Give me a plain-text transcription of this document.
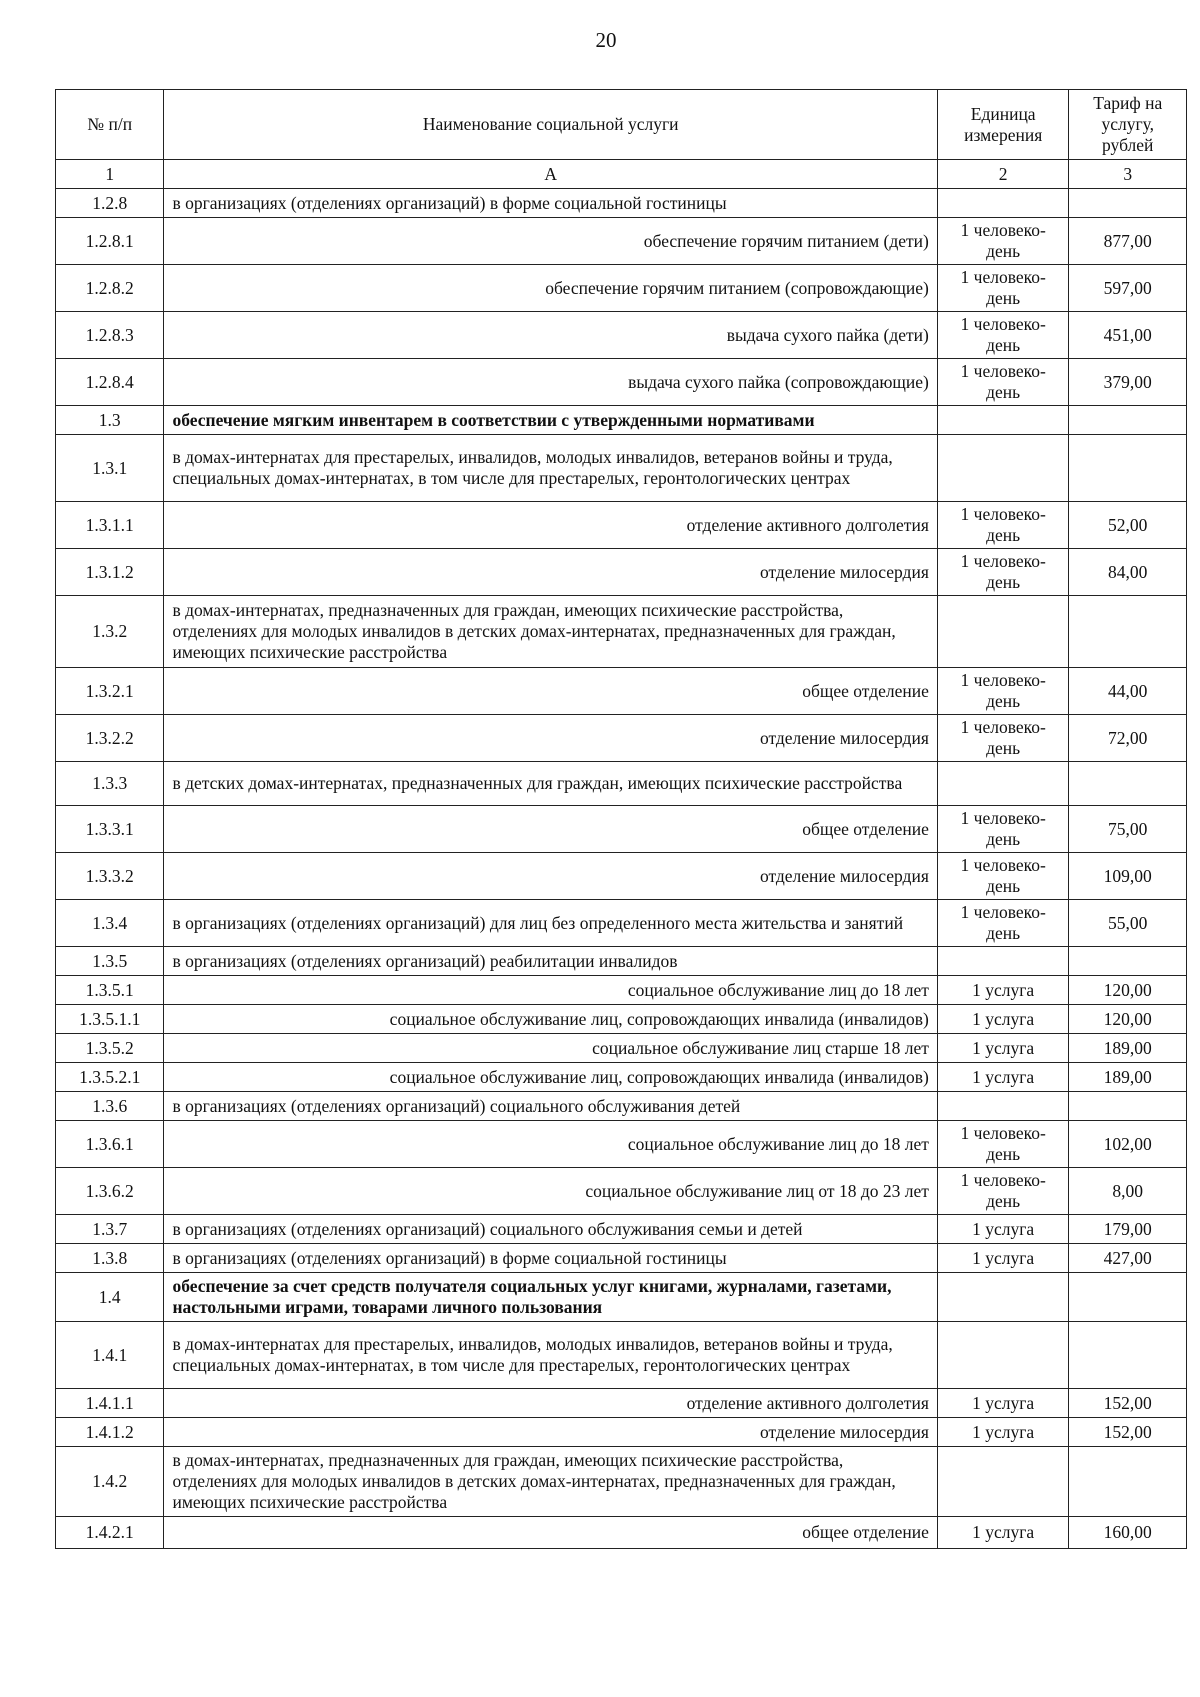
20
№ п/п	Наименование социальной услуги	Единица измерения	Тариф на услугу, рублей
1	А	2	3
1.2.8	в организациях (отделениях организаций) в форме социальной гостиницы		
1.2.8.1	обеспечение горячим питанием (дети)	1 человеко-день	877,00
1.2.8.2	обеспечение горячим питанием (сопровождающие)	1 человеко-день	597,00
1.2.8.3	выдача сухого пайка (дети)	1 человеко-день	451,00
1.2.8.4	выдача сухого пайка (сопровождающие)	1 человеко-день	379,00
1.3	обеспечение мягким инвентарем в соответствии с утвержденными нормативами		
1.3.1	в домах-интернатах для престарелых, инвалидов, молодых инвалидов, ветеранов войны и труда, специальных домах-интернатах, в том числе для престарелых, геронтологических центрах		
1.3.1.1	отделение активного долголетия	1 человеко-день	52,00
1.3.1.2	отделение милосердия	1 человеко-день	84,00
1.3.2	в домах-интернатах, предназначенных для граждан, имеющих психические расстройства, отделениях для молодых инвалидов в детских домах-интернатах, предназначенных для граждан, имеющих психические расстройства		
1.3.2.1	общее отделение	1 человеко-день	44,00
1.3.2.2	отделение милосердия	1 человеко-день	72,00
1.3.3	в детских домах-интернатах, предназначенных для граждан, имеющих психические расстройства		
1.3.3.1	общее отделение	1 человеко-день	75,00
1.3.3.2	отделение милосердия	1 человеко-день	109,00
1.3.4	в организациях (отделениях организаций) для лиц без определенного места жительства и занятий	1 человеко-день	55,00
1.3.5	в организациях (отделениях организаций) реабилитации инвалидов		
1.3.5.1	социальное обслуживание лиц до 18 лет	1 услуга	120,00
1.3.5.1.1	социальное обслуживание лиц, сопровождающих инвалида (инвалидов)	1 услуга	120,00
1.3.5.2	социальное обслуживание лиц старше 18 лет	1 услуга	189,00
1.3.5.2.1	социальное обслуживание лиц, сопровождающих инвалида (инвалидов)	1 услуга	189,00
1.3.6	в организациях (отделениях организаций) социального обслуживания детей		
1.3.6.1	социальное обслуживание лиц до 18 лет	1 человеко-день	102,00
1.3.6.2	социальное обслуживание лиц от 18 до 23 лет	1 человеко-день	8,00
1.3.7	в организациях (отделениях организаций) социального обслуживания семьи и детей	1 услуга	179,00
1.3.8	в организациях (отделениях организаций) в форме социальной гостиницы	1 услуга	427,00
1.4	обеспечение за счет средств получателя социальных услуг книгами, журналами, газетами, настольными играми, товарами личного пользования		
1.4.1	в домах-интернатах для престарелых, инвалидов, молодых инвалидов, ветеранов войны и труда, специальных домах-интернатах, в том числе для престарелых, геронтологических центрах		
1.4.1.1	отделение активного долголетия	1 услуга	152,00
1.4.1.2	отделение милосердия	1 услуга	152,00
1.4.2	в домах-интернатах, предназначенных для граждан, имеющих психические расстройства, отделениях для молодых инвалидов в детских домах-интернатах, предназначенных для граждан, имеющих психические расстройства		
1.4.2.1	общее отделение	1 услуга	160,00
